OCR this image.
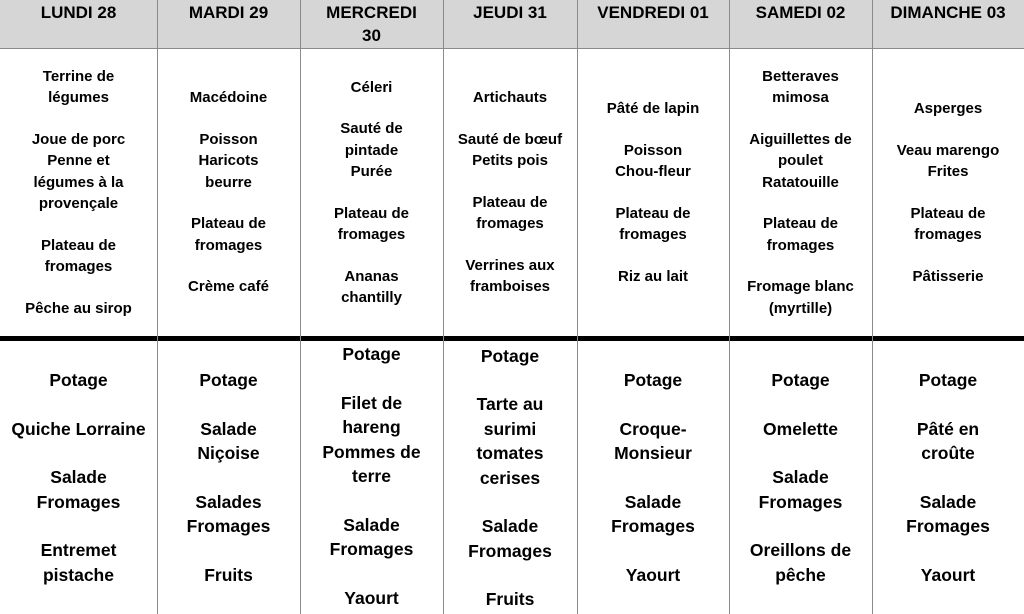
LUNDI 28
Terrine de
légumes
Joue de porc
Penne et
légumes à la
provençale
Plateau de
fromages
Pêche au sirop
Potage
Quiche Lorraine
Salade
Fromages
Entremet
pistache
MARDI 29
Macédoine
Poisson
Haricots
beurre
Plateau de
fromages
Crème café
Potage
Salade
Niçoise
Salades
Fromages
Fruits
MERCREDI
30
Céleri
Sauté de
pintade
Purée
Plateau de
fromages
Ananas
chantilly
Potage
Filet de
hareng
Pommes de
terre
Salade
Fromages
Yaourt
JEUDI 31
Artichauts
Sauté de bœuf
Petits pois
Plateau de
fromages
Verrines aux
framboises
Potage
Tarte au
surimi
tomates
cerises
Salade
Fromages
Fruits
VENDREDI 01
Pâté de lapin
Poisson
Chou-fleur
Plateau de
fromages
Riz au lait
Potage
Croque-
Monsieur
Salade
Fromages
Yaourt
SAMEDI 02
Betteraves
mimosa
Aiguillettes de
poulet
Ratatouille
Plateau de
fromages
Fromage blanc
(myrtille)
Potage
Omelette
Salade
Fromages
Oreillons de
pêche
DIMANCHE 03
Asperges
Veau marengo
Frites
Plateau de
fromages
Pâtisserie
Potage
Pâté en
croûte
Salade
Fromages
Yaourt
